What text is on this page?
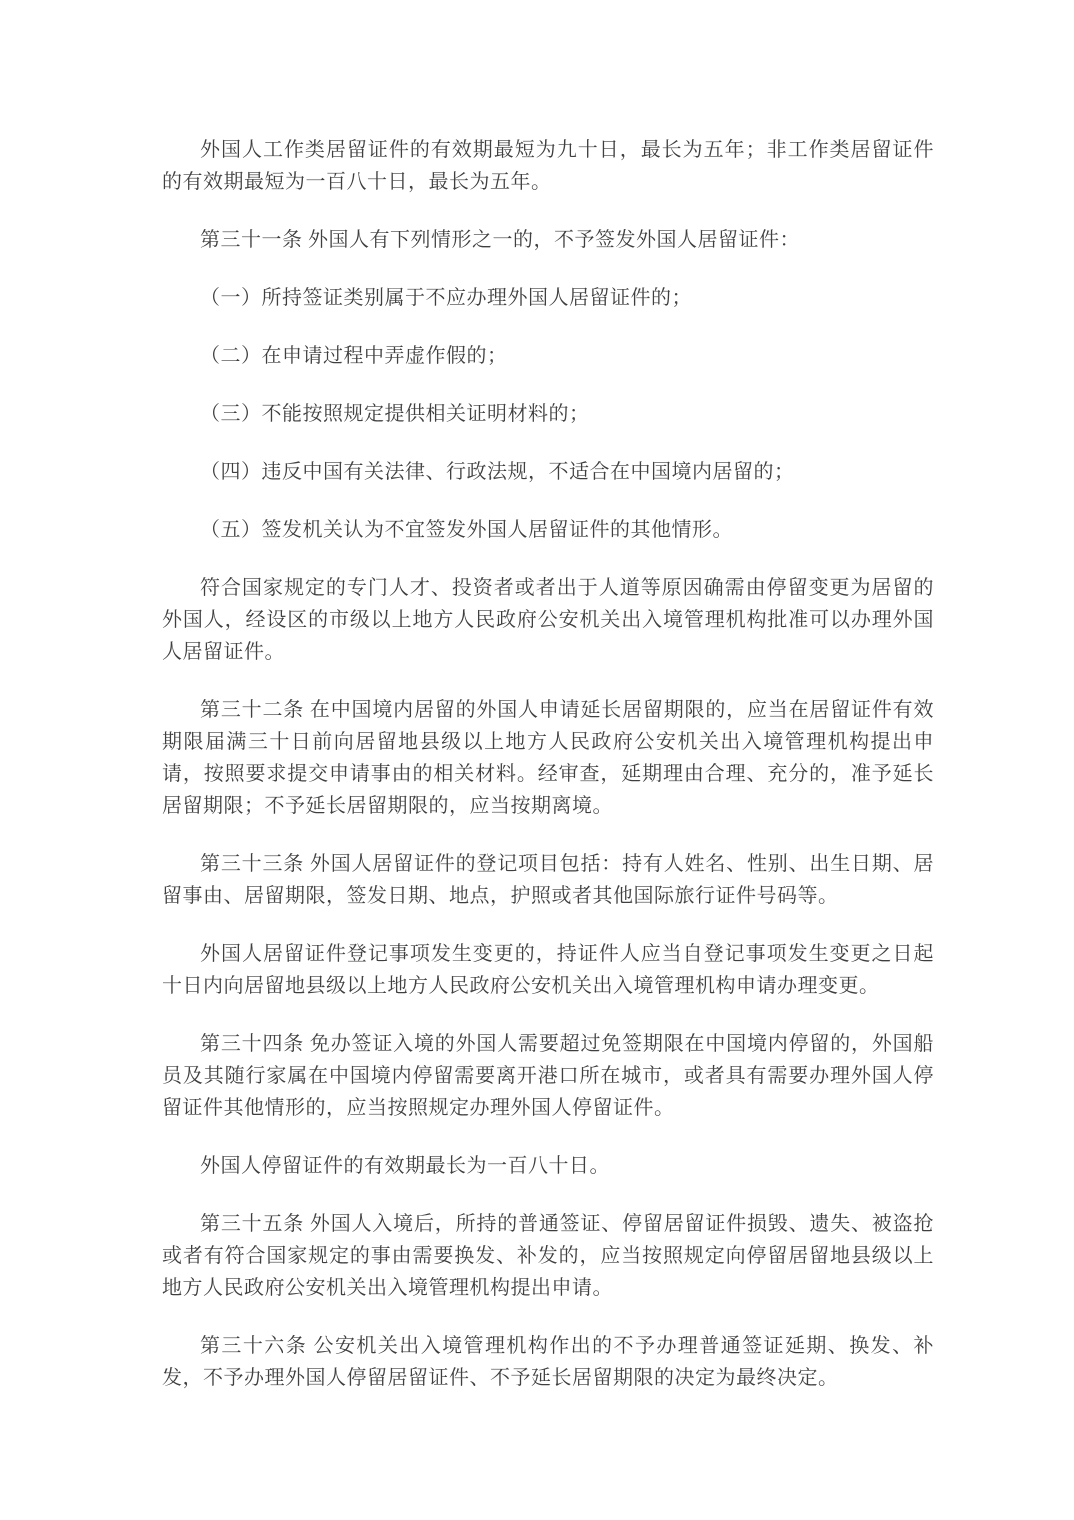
外国人工作类居留证件的有效期最短为九十日，最长为五年；非工作类居留证件的有效期最短为一百八十日，最长为五年。

第三十一条 外国人有下列情形之一的，不予签发外国人居留证件：

（一）所持签证类别属于不应办理外国人居留证件的；

（二）在申请过程中弄虚作假的；

（三）不能按照规定提供相关证明材料的；

（四）违反中国有关法律、行政法规，不适合在中国境内居留的；

（五）签发机关认为不宜签发外国人居留证件的其他情形。

符合国家规定的专门人才、投资者或者出于人道等原因确需由停留变更为居留的外国人，经设区的市级以上地方人民政府公安机关出入境管理机构批准可以办理外国人居留证件。

第三十二条 在中国境内居留的外国人申请延长居留期限的，应当在居留证件有效期限届满三十日前向居留地县级以上地方人民政府公安机关出入境管理机构提出申请，按照要求提交申请事由的相关材料。经审查，延期理由合理、充分的，准予延长居留期限；不予延长居留期限的，应当按期离境。

第三十三条 外国人居留证件的登记项目包括：持有人姓名、性别、出生日期、居留事由、居留期限，签发日期、地点，护照或者其他国际旅行证件号码等。

外国人居留证件登记事项发生变更的，持证件人应当自登记事项发生变更之日起十日内向居留地县级以上地方人民政府公安机关出入境管理机构申请办理变更。

第三十四条 免办签证入境的外国人需要超过免签期限在中国境内停留的，外国船员及其随行家属在中国境内停留需要离开港口所在城市，或者具有需要办理外国人停留证件其他情形的，应当按照规定办理外国人停留证件。

外国人停留证件的有效期最长为一百八十日。

第三十五条 外国人入境后，所持的普通签证、停留居留证件损毁、遗失、被盗抢或者有符合国家规定的事由需要换发、补发的，应当按照规定向停留居留地县级以上地方人民政府公安机关出入境管理机构提出申请。

第三十六条 公安机关出入境管理机构作出的不予办理普通签证延期、换发、补发，不予办理外国人停留居留证件、不予延长居留期限的决定为最终决定。
